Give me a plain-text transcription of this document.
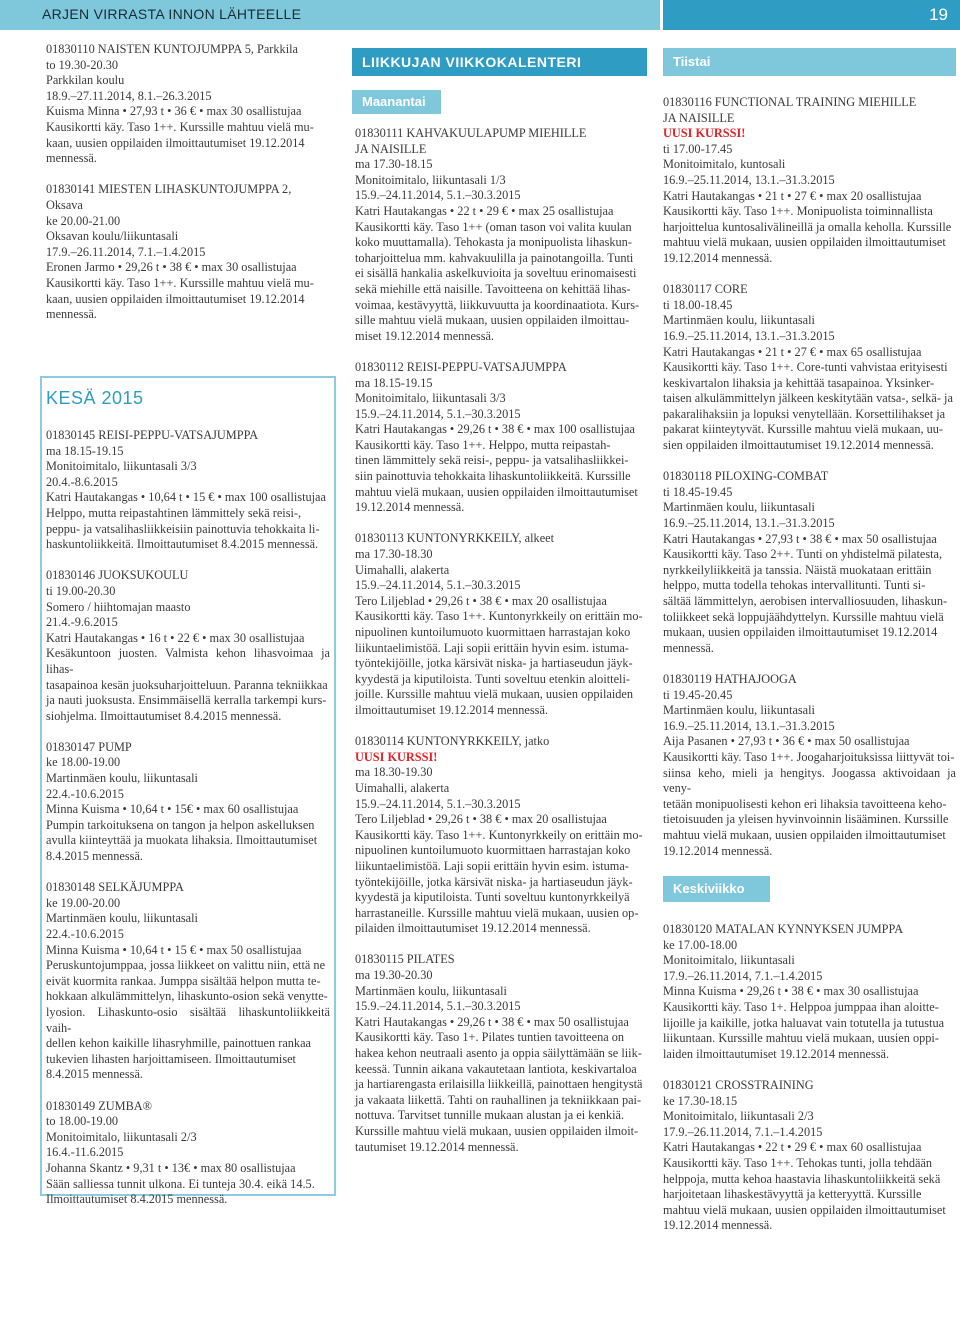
ARJEN VIRRASTA INNON LÄHTEELLE	19

01830110 NAISTEN KUNTOJUMPPA 5, Parkkila
to 19.30-20.30
Parkkilan koulu
18.9.–27.11.2014, 8.1.–26.3.2015
Kuisma Minna • 27,93 t • 36 € • max 30 osallistujaa
Kausikortti käy. Taso 1++. Kurssille mahtuu vielä mu-
kaan, uusien oppilaiden ilmoittautumiset 19.12.2014
mennessä.

01830141 MIESTEN LIHASKUNTOJUMPPA 2,
Oksava
ke 20.00-21.00
Oksavan koulu/liikuntasali
17.9.–26.11.2014, 7.1.–1.4.2015
Eronen Jarmo • 29,26 t • 38 € • max 30 osallistujaa
Kausikortti käy. Taso 1++. Kurssille mahtuu vielä mu-
kaan, uusien oppilaiden ilmoittautumiset 19.12.2014
mennessä.

KESÄ 2015

01830145 REISI-PEPPU-VATSAJUMPPA
ma 18.15-19.15
Monitoimitalo, liikuntasali 3/3
20.4.-8.6.2015
Katri Hautakangas • 10,64 t • 15 € • max 100 osallistujaa
Helppo, mutta reipastahtinen lämmittely sekä reisi-,
peppu- ja vatsalihasliikkeisiin painottuvia tehokkaita li-
haskuntoliikkeitä. Ilmoittautumiset 8.4.2015 mennessä.

01830146 JUOKSUKOULU
ti 19.00-20.30
Somero / hiihtomajan maasto
21.4.-9.6.2015
Katri Hautakangas • 16 t • 22 € • max 30 osallistujaa
Kesäkuntoon juosten. Valmista kehon lihasvoimaa ja lihas-
tasapainoa kesän juoksuharjoitteluun. Paranna tekniikkaa
ja nauti juoksusta. Ensimmäisellä kerralla tarkempi kurs-
siohjelma. Ilmoittautumiset 8.4.2015 mennessä.

01830147 PUMP
ke 18.00-19.00
Martinmäen koulu, liikuntasali
22.4.-10.6.2015
Minna Kuisma • 10,64 t • 15€ • max 60 osallistujaa
Pumpin tarkoituksena on tangon ja helpon askelluksen
avulla kiinteyttää ja muokata lihaksia. Ilmoittautumiset
8.4.2015 mennessä.

01830148 SELKÄJUMPPA
ke 19.00-20.00
Martinmäen koulu, liikuntasali
22.4.-10.6.2015
Minna Kuisma • 10,64 t • 15 € • max 50 osallistujaa
Peruskuntojumppaa, jossa liikkeet on valittu niin, että ne
eivät kuormita rankaa. Jumppa sisältää helpon mutta te-
hokkaan alkulämmittelyn, lihaskunto-osion sekä venytte-
lyosion. Lihaskunto-osio sisältää lihaskuntoliikkeitä vaih-
dellen kehon kaikille lihasryhmille, painottuen rankaa
tukevien lihasten harjoittamiseen. Ilmoittautumiset
8.4.2015 mennessä.

01830149 ZUMBA®
to 18.00-19.00
Monitoimitalo, liikuntasali 2/3
16.4.-11.6.2015
Johanna Skantz • 9,31 t • 13€ • max 80 osallistujaa
Sään salliessa tunnit ulkona. Ei tunteja 30.4. eikä 14.5.
Ilmoittautumiset 8.4.2015 mennessä.

LIIKKUJAN VIIKKOKALENTERI
Maanantai

01830111 KAHVAKUULAPUMP MIEHILLE
JA NAISILLE
ma 17.30-18.15
Monitoimitalo, liikuntasali 1/3
15.9.–24.11.2014, 5.1.–30.3.2015
Katri Hautakangas • 22 t • 29 € • max 25 osallistujaa
Kausikortti käy. Taso 1++ (oman tason voi valita kuulan
koko muuttamalla). Tehokasta ja monipuolista lihaskun-
toharjoittelua mm. kahvakuulilla ja painotangoilla. Tunti
ei sisällä hankalia askelkuvioita ja soveltuu erinomaisesti
sekä miehille että naisille. Tavoitteena on kehittää lihas-
voimaa, kestävyyttä, liikkuvuutta ja koordinaatiota. Kurs-
sille mahtuu vielä mukaan, uusien oppilaiden ilmoittau-
miset 19.12.2014 mennessä.

01830112 REISI-PEPPU-VATSAJUMPPA
ma 18.15-19.15
Monitoimitalo, liikuntasali 3/3
15.9.–24.11.2014, 5.1.–30.3.2015
Katri Hautakangas • 29,26 t • 38 € • max 100 osallistujaa
Kausikortti käy. Taso 1++. Helppo, mutta reipastah-
tinen lämmittely sekä reisi-, peppu- ja vatsalihasliikkei-
siin painottuvia tehokkaita lihaskuntoliikkeitä. Kurssille
mahtuu vielä mukaan, uusien oppilaiden ilmoittautumiset
19.12.2014 mennessä.

01830113 KUNTONYRKKEILY, alkeet
ma 17.30-18.30
Uimahalli, alakerta
15.9.–24.11.2014, 5.1.–30.3.2015
Tero Liljeblad • 29,26 t • 38 € • max 20 osallistujaa
Kausikortti käy. Taso 1++. Kuntonyrkkeily on erittäin mo-
nipuolinen kuntoilumuoto kuormittaen harrastajan koko
liikuntaelimistöä. Laji sopii erittäin hyvin esim. istuma-
työntekijöille, jotka kärsivät niska- ja hartiaseudun jäyk-
kyydestä ja kiputiloista. Tunti soveltuu etenkin aloitteli-
joille. Kurssille mahtuu vielä mukaan, uusien oppilaiden
ilmoittautumiset 19.12.2014 mennessä.

01830114 KUNTONYRKKEILY, jatko
UUSI KURSSI!
ma 18.30-19.30
Uimahalli, alakerta
15.9.–24.11.2014, 5.1.–30.3.2015
Tero Liljeblad • 29,26 t • 38 € • max 20 osallistujaa
Kausikortti käy. Taso 1++. Kuntonyrkkeily on erittäin mo-
nipuolinen kuntoilumuoto kuormittaen harrastajan koko
liikuntaelimistöä. Laji sopii erittäin hyvin esim. istuma-
työntekijöille, jotka kärsivät niska- ja hartiaseudun jäyk-
kyydestä ja kiputiloista. Tunti soveltuu kuntonyrkkeilyä
harrastaneille. Kurssille mahtuu vielä mukaan, uusien op-
pilaiden ilmoittautumiset 19.12.2014 mennessä.

01830115 PILATES
ma 19.30-20.30
Martinmäen koulu, liikuntasali
15.9.–24.11.2014, 5.1.–30.3.2015
Katri Hautakangas • 29,26 t • 38 € • max 50 osallistujaa
Kausikortti käy. Taso 1+. Pilates tuntien tavoitteena on
hakea kehon neutraali asento ja oppia säilyttämään se liik-
keessä. Tunnin aikana vakautetaan lantiota, keskivartaloa
ja hartiarengasta erilaisilla liikkeillä, painottaen hengitystä
ja vakaata liikettä. Tahti on rauhallinen ja tekniikkaan pai-
nottuva. Tarvitset tunnille mukaan alustan ja ei kenkiä.
Kurssille mahtuu vielä mukaan, uusien oppilaiden ilmoit-
tautumiset 19.12.2014 mennessä.

Tiistai

01830116 FUNCTIONAL TRAINING MIEHILLE
JA NAISILLE
UUSI KURSSI!
ti 17.00-17.45
Monitoimitalo, kuntosali
16.9.–25.11.2014, 13.1.–31.3.2015
Katri Hautakangas • 21 t • 27 € • max 20 osallistujaa
Kausikortti käy. Taso 1++. Monipuolista toiminnallista
harjoittelua kuntosalivälineillä ja omalla keholla. Kurssille
mahtuu vielä mukaan, uusien oppilaiden ilmoittautumiset
19.12.2014 mennessä.

01830117 CORE
ti 18.00-18.45
Martinmäen koulu, liikuntasali
16.9.–25.11.2014, 13.1.–31.3.2015
Katri Hautakangas • 21 t • 27 € • max 65 osallistujaa
Kausikortti käy. Taso 1++. Core-tunti vahvistaa erityisesti
keskivartalon lihaksia ja kehittää tasapainoa. Yksinker-
taisen alkulämmittelyn jälkeen keskitytään vatsa-, selkä- ja
pakaralihaksiin ja lopuksi venytellään. Korsettilihakset ja
pakarat kiinteytyvät. Kurssille mahtuu vielä mukaan, uu-
sien oppilaiden ilmoittautumiset 19.12.2014 mennessä.

01830118 PILOXING-COMBAT
ti 18.45-19.45
Martinmäen koulu, liikuntasali
16.9.–25.11.2014, 13.1.–31.3.2015
Katri Hautakangas • 27,93 t • 38 € • max 50 osallistujaa
Kausikortti käy. Taso 2++. Tunti on yhdistelmä pilatesta,
nyrkkeilyliikkeitä ja tanssia. Näistä muokataan erittäin
helppo, mutta todella tehokas intervallitunti. Tunti si-
sältää lämmittelyn, aerobisen intervalliosuuden, lihaskun-
toliikkeet sekä loppujäähdyttelyn. Kurssille mahtuu vielä
mukaan, uusien oppilaiden ilmoittautumiset 19.12.2014
mennessä.

01830119 HATHAJOOGA
ti 19.45-20.45
Martinmäen koulu, liikuntasali
16.9.–25.11.2014, 13.1.–31.3.2015
Aija Pasanen • 27,93 t • 36 € • max 50 osallistujaa
Kausikortti käy. Taso 1++. Joogaharjoituksissa liittyvät toi-
siinsa keho, mieli ja hengitys. Joogassa aktivoidaan ja veny-
tetään monipuolisesti kehon eri lihaksia tavoitteena keho-
tietoisuuden ja yleisen hyvinvoinnin lisääminen. Kurssille
mahtuu vielä mukaan, uusien oppilaiden ilmoittautumiset
19.12.2014 mennessä.

Keskiviikko

01830120 MATALAN KYNNYKSEN JUMPPA
ke 17.00-18.00
Monitoimitalo, liikuntasali
17.9.–26.11.2014, 7.1.–1.4.2015
Minna Kuisma • 29,26 t • 38 € • max 30 osallistujaa
Kausikortti käy. Taso 1+. Helppoa jumppaa ihan aloitte-
lijoille ja kaikille, jotka haluavat vain totutella ja tutustua
liikuntaan. Kurssille mahtuu vielä mukaan, uusien oppi-
laiden ilmoittautumiset 19.12.2014 mennessä.

01830121 CROSSTRAINING
ke 17.30-18.15
Monitoimitalo, liikuntasali 2/3
17.9.–26.11.2014, 7.1.–1.4.2015
Katri Hautakangas • 22 t • 29 € • max 60 osallistujaa
Kausikortti käy. Taso 1++. Tehokas tunti, jolla tehdään
helppoja, mutta kehoa haastavia lihaskuntoliikkeitä sekä
harjoitetaan lihaskestävyyttä ja ketteryyttä. Kurssille
mahtuu vielä mukaan, uusien oppilaiden ilmoittautumiset
19.12.2014 mennessä.
